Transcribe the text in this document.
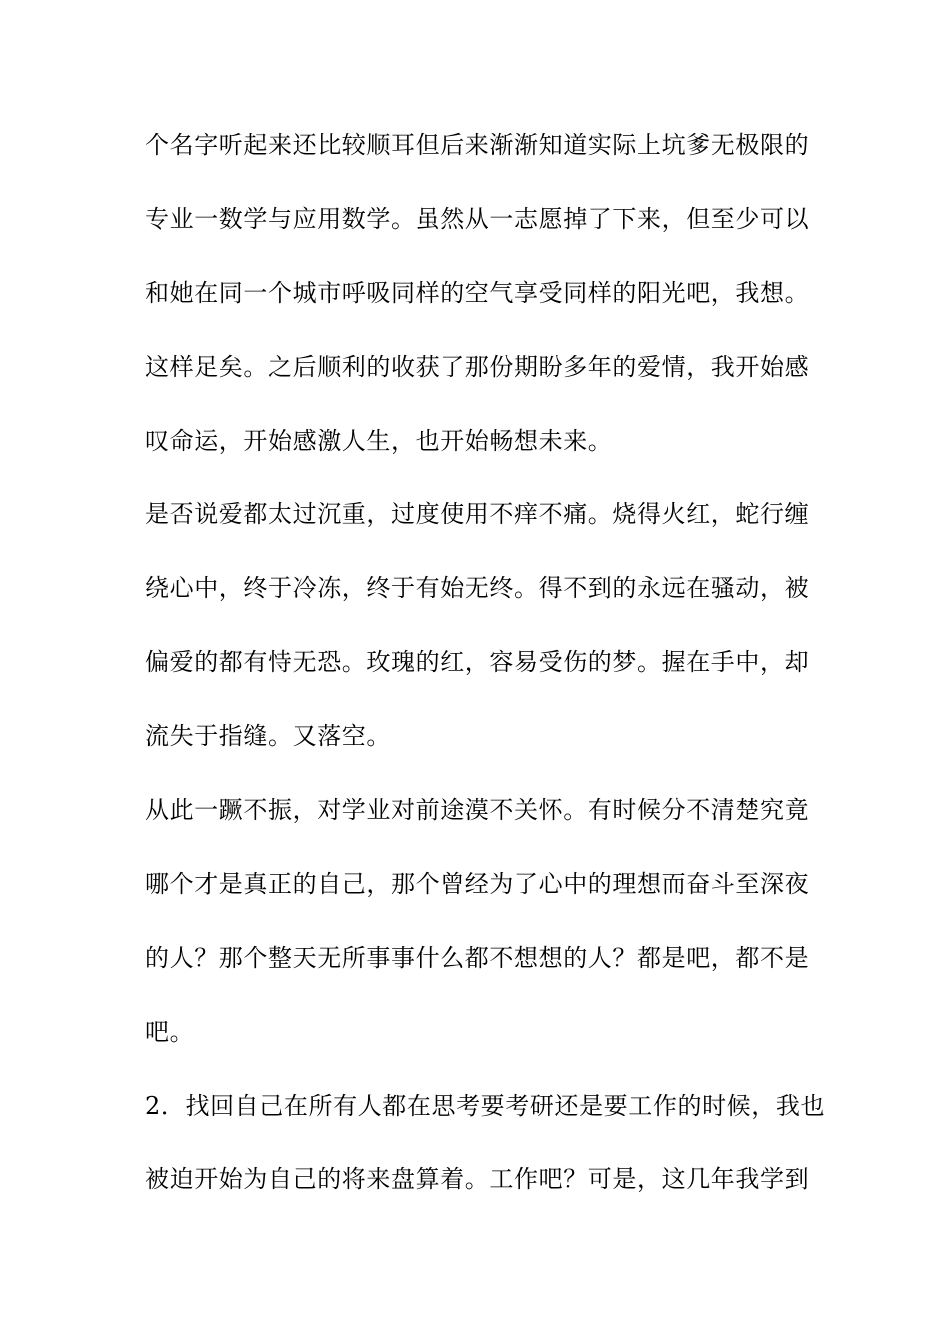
个名字听起来还比较顺耳但后来渐渐知道实际上坑爹无极限的
专业一数学与应用数学。虽然从一志愿掉了下来，但至少可以
和她在同一个城市呼吸同样的空气享受同样的阳光吧，我想。
这样足矣。之后顺利的收获了那份期盼多年的爱情，我开始感
叹命运，开始感激人生，也开始畅想未来。
是否说爱都太过沉重，过度使用不痒不痛。烧得火红，蛇行缠
绕心中，终于冷冻，终于有始无终。得不到的永远在骚动，被
偏爱的都有恃无恐。玫瑰的红，容易受伤的梦。握在手中，却
流失于指缝。又落空。
从此一蹶不振，对学业对前途漠不关怀。有时候分不清楚究竟
哪个才是真正的自己，那个曾经为了心中的理想而奋斗至深夜
的人？那个整天无所事事什么都不想想的人？都是吧，都不是
吧。
2．找回自己在所有人都在思考要考研还是要工作的时候，我也
被迫开始为自己的将来盘算着。工作吧？可是，这几年我学到
